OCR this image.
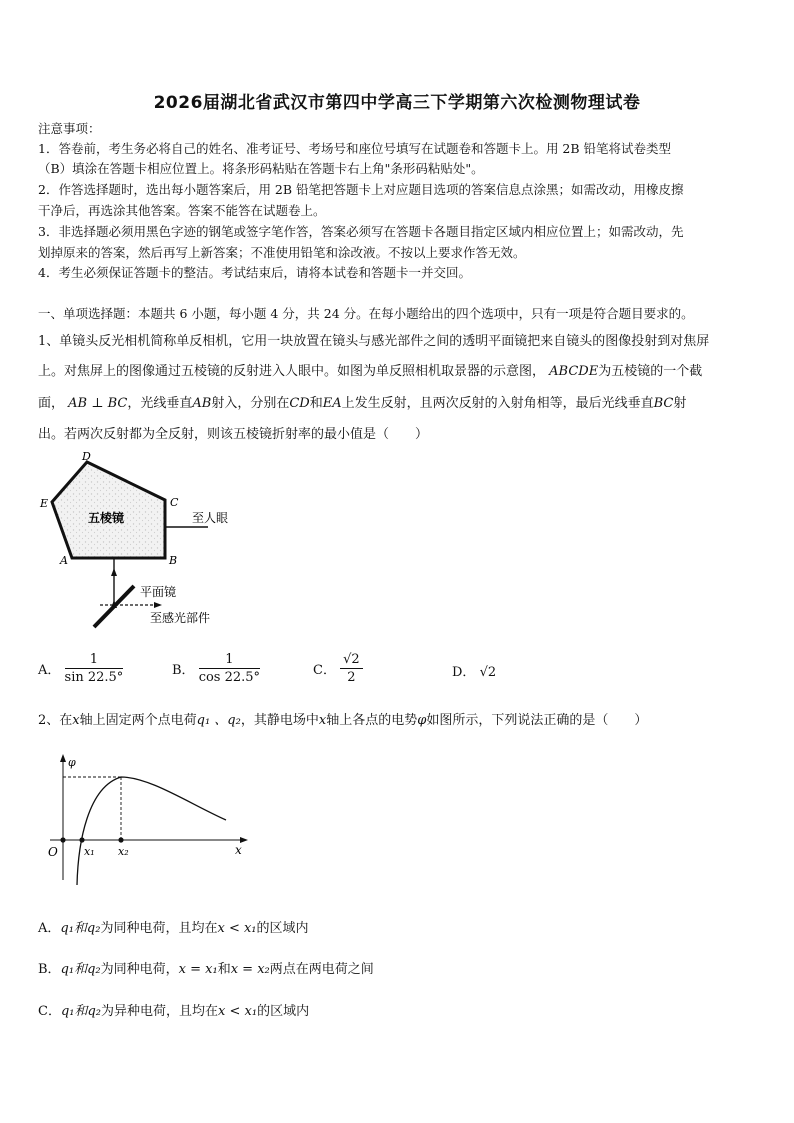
2026届湖北省武汉市第四中学高三下学期第六次检测物理试卷
注意事项：
1．答卷前，考生务必将自己的姓名、准考证号、考场号和座位号填写在试题卷和答题卡上。用 2B 铅笔将试卷类型
（B）填涂在答题卡相应位置上。将条形码粘贴在答题卡右上角"条形码粘贴处"。
2．作答选择题时，选出每小题答案后，用 2B 铅笔把答题卡上对应题目选项的答案信息点涂黑；如需改动，用橡皮擦
干净后，再选涂其他答案。答案不能答在试题卷上。
3．非选择题必须用黑色字迹的钢笔或签字笔作答，答案必须写在答题卡各题目指定区域内相应位置上；如需改动，先
划掉原来的答案，然后再写上新答案；不准使用铅笔和涂改液。不按以上要求作答无效。
4．考生必须保证答题卡的整洁。考试结束后，请将本试卷和答题卡一并交回。
一、单项选择题：本题共 6 小题，每小题 4 分，共 24 分。在每小题给出的四个选项中，只有一项是符合题目要求的。
1、单镜头反光相机简称单反相机，它用一块放置在镜头与感光部件之间的透明平面镜把来自镜头的图像投射到对焦屏
上。对焦屏上的图像通过五棱镜的反射进入人眼中。如图为单反照相机取景器的示意图， ABCDE为五棱镜的一个截
面， AB ⊥ BC，光线垂直AB射入，分别在CD和EA上发生反射，且两次反射的入射角相等，最后光线垂直BC射
出。若两次反射都为全反射，则该五棱镜折射率的最小值是（　　）
D
E	C
A	B
五棱镜	至人眼
平面镜
至感光部件
A． $\frac{1}{\sin 22.5^\circ}$	B． $\frac{1}{\cos 22.5^\circ}$	C． $\frac{√2}{2}$	D． √2
2、在x轴上固定两个点电荷q₁ 、q₂，其静电场中x轴上各点的电势φ如图所示，下列说法正确的是（　　）
φ
O x₁ x₂	x
A．q₁和q₂为同种电荷，且均在x < x₁的区域内
B．q₁和q₂为同种电荷，x = x₁和x = x₂两点在两电荷之间
C．q₁和q₂为异种电荷，且均在x < x₁的区域内
